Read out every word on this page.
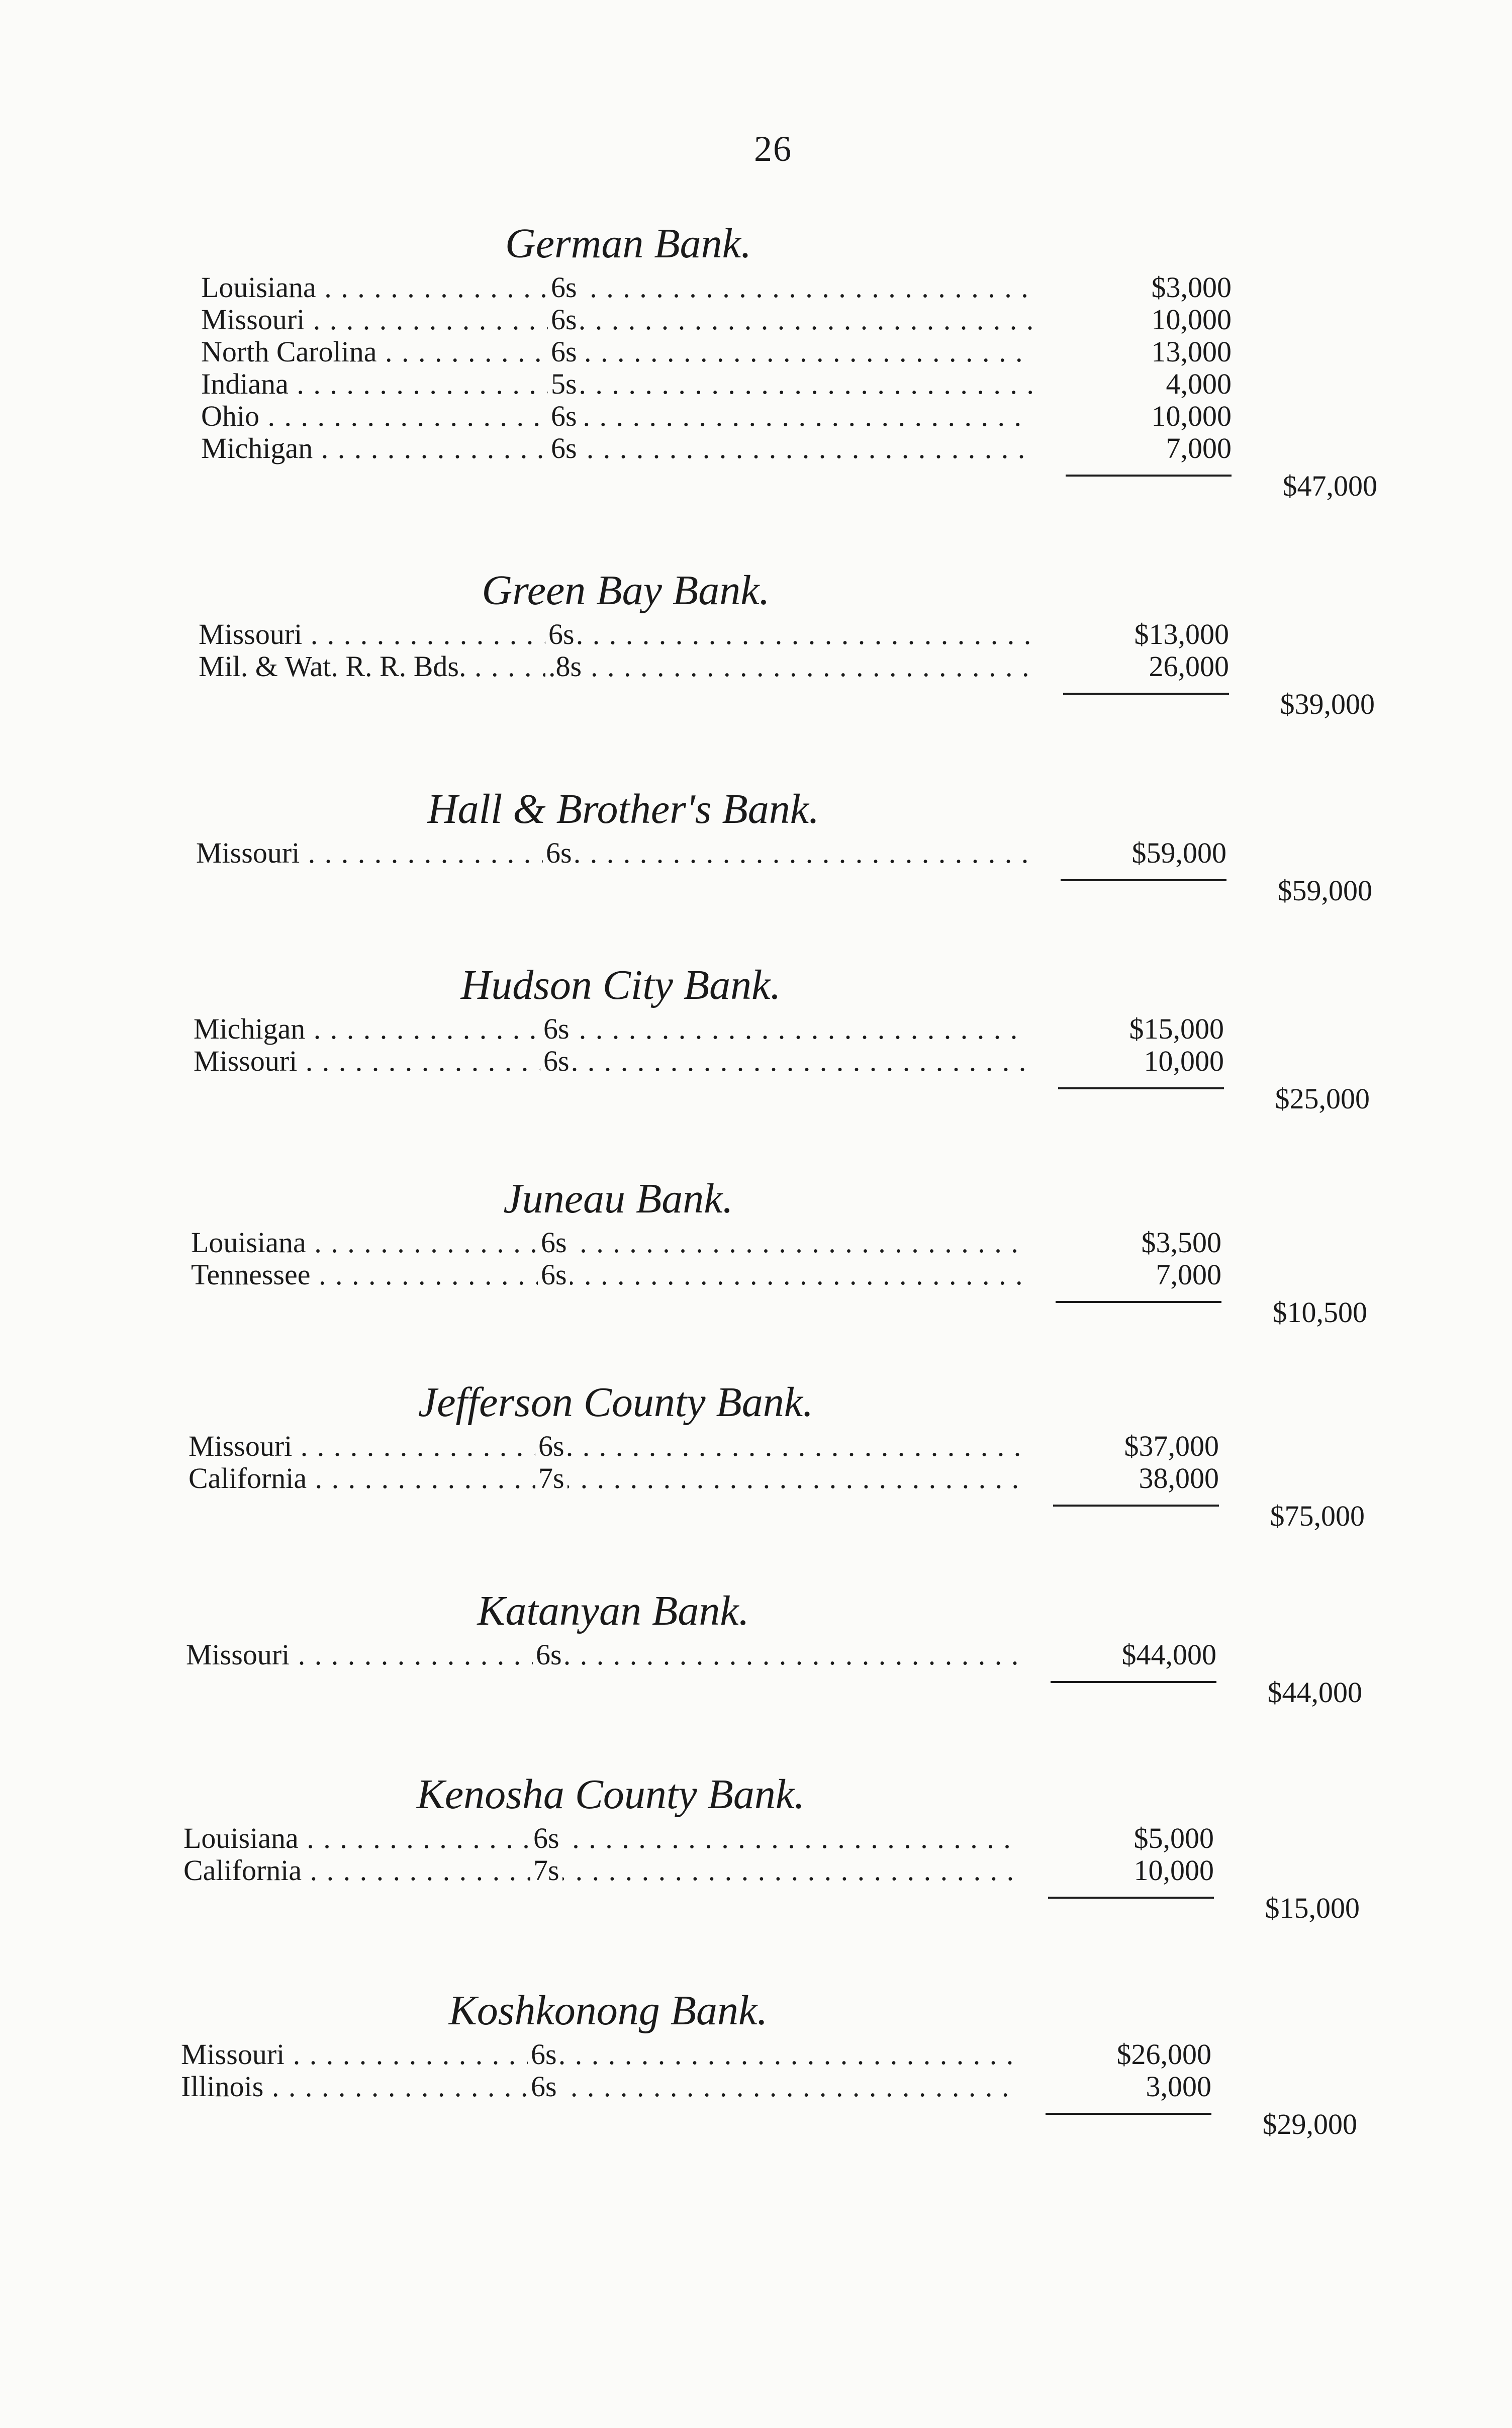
26
German Bank.
Louisiana . . .	6s	$3,000
Missouri . . .	6s	10,000
North Carolina . . .	6s	13,000
Indiana . . .	5s	4,000
Ohio . . .	6s	10,000
Michigan . . .	6s	7,000
$47,000
Green Bay Bank.
Missouri . . .	6s	$13,000
Mil. & Wat. R. R. Bds. . . .	.8s	26,000
$39,000
Hall & Brother's Bank.
Missouri . . .	6s	$59,000
$59,000
Hudson City Bank.
Michigan . . .	6s	$15,000
Missouri . . .	6s	10,000
$25,000
Juneau Bank.
Louisiana . . .	6s	$3,500
Tennessee . . .	6s	7,000
$10,500
Jefferson County Bank.
Missouri . . .	6s	$37,000
California . . .	7s	38,000
$75,000
Katanyan Bank.
Missouri . . .	6s	$44,000
$44,000
Kenosha County Bank.
Louisiana . . .	6s	$5,000
California . . .	7s	10,000
$15,000
Koshkonong Bank.
Missouri . . .	6s	$26,000
Illinois . . .	6s	3,000
$29,000
